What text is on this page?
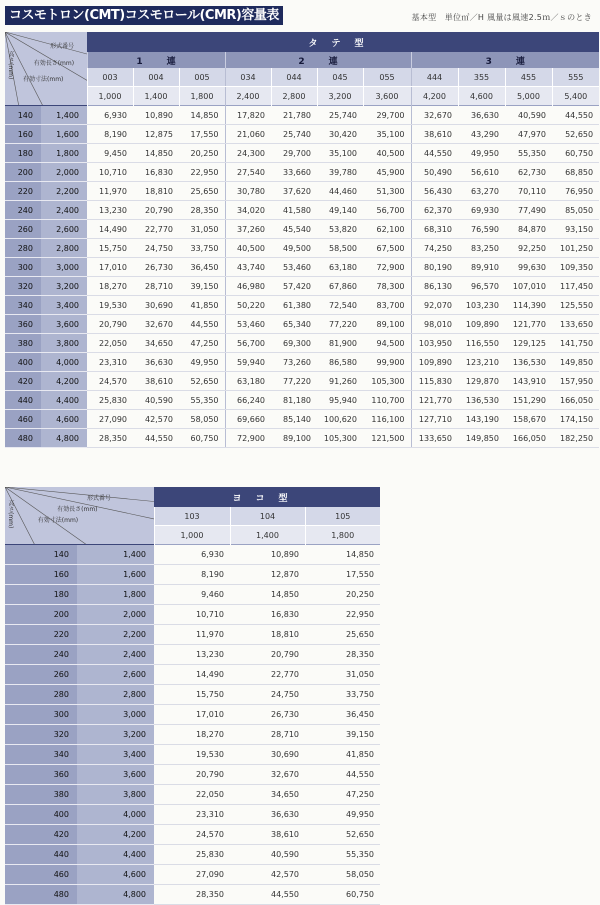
コスモトロン(CMT)コスモロール(CMR)容量表	基本型　単位㎥／H 風量は風速2.5ｍ／ｓのとき
形式番号
有効長さ(mm)
有効寸法(mm)
高さ(mm)		タテ型										
		1 連			2 連				3 連			
		003	004	005	034	044	045	055	444	355	455	555
		1,000	1,400	1,800	2,400	2,800	3,200	3,600	4,200	4,600	5,000	5,400
140	1,400	6,930	10,890	14,850	17,820	21,780	25,740	29,700	32,670	36,630	40,590	44,550
160	1,600	8,190	12,875	17,550	21,060	25,740	30,420	35,100	38,610	43,290	47,970	52,650
180	1,800	9,450	14,850	20,250	24,300	29,700	35,100	40,500	44,550	49,950	55,350	60,750
200	2,000	10,710	16,830	22,950	27,540	33,660	39,780	45,900	50,490	56,610	62,730	68,850
220	2,200	11,970	18,810	25,650	30,780	37,620	44,460	51,300	56,430	63,270	70,110	76,950
240	2,400	13,230	20,790	28,350	34,020	41,580	49,140	56,700	62,370	69,930	77,490	85,050
260	2,600	14,490	22,770	31,050	37,260	45,540	53,820	62,100	68,310	76,590	84,870	93,150
280	2,800	15,750	24,750	33,750	40,500	49,500	58,500	67,500	74,250	83,250	92,250	101,250
300	3,000	17,010	26,730	36,450	43,740	53,460	63,180	72,900	80,190	89,910	99,630	109,350
320	3,200	18,270	28,710	39,150	46,980	57,420	67,860	78,300	86,130	96,570	107,010	117,450
340	3,400	19,530	30,690	41,850	50,220	61,380	72,540	83,700	92,070	103,230	114,390	125,550
360	3,600	20,790	32,670	44,550	53,460	65,340	77,220	89,100	98,010	109,890	121,770	133,650
380	3,800	22,050	34,650	47,250	56,700	69,300	81,900	94,500	103,950	116,550	129,125	141,750
400	4,000	23,310	36,630	49,950	59,940	73,260	86,580	99,900	109,890	123,210	136,530	149,850
420	4,200	24,570	38,610	52,650	63,180	77,220	91,260	105,300	115,830	129,870	143,910	157,950
440	4,400	25,830	40,590	55,350	66,240	81,180	95,940	110,700	121,770	136,530	151,290	166,050
460	4,600	27,090	42,570	58,050	69,660	85,140	100,620	116,100	127,710	143,190	158,670	174,150
480	4,800	28,350	44,550	60,750	72,900	89,100	105,300	121,500	133,650	149,850	166,050	182,250
形式番号
有効長さ(mm)
有効寸法(mm)
高さ(mm)		ヨコ型		
		103	104	105
		1,000	1,400	1,800
140	1,400	6,930	10,890	14,850
160	1,600	8,190	12,870	17,550
180	1,800	9,460	14,850	20,250
200	2,000	10,710	16,830	22,950
220	2,200	11,970	18,810	25,650
240	2,400	13,230	20,790	28,350
260	2,600	14,490	22,770	31,050
280	2,800	15,750	24,750	33,750
300	3,000	17,010	26,730	36,450
320	3,200	18,270	28,710	39,150
340	3,400	19,530	30,690	41,850
360	3,600	20,790	32,670	44,550
380	3,800	22,050	34,650	47,250
400	4,000	23,310	36,630	49,950
420	4,200	24,570	38,610	52,650
440	4,400	25,830	40,590	55,350
460	4,600	27,090	42,570	58,050
480	4,800	28,350	44,550	60,750
